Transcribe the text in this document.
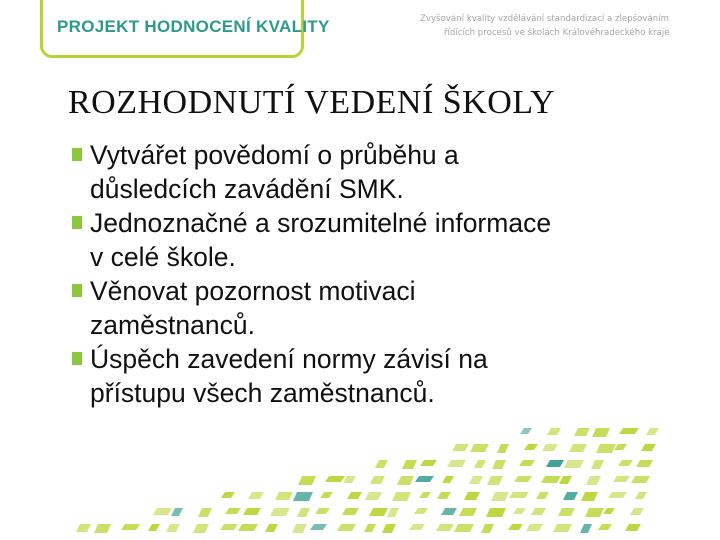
PROJEKT HODNOCENÍ KVALITY	Zvyšování kvality vzdělávání standardizací a zlepšováním
řídících procesů ve školách Královéhradeckého kraje
ROZHODNUTÍ VEDENÍ ŠKOLY
Vytvářet povědomí o průběhu a
důsledcích zavádění SMK.
Jednoznačné a srozumitelné informace
v celé škole.
Věnovat pozornost motivaci
zaměstnanců.
Úspěch zavedení normy závisí na
přístupu všech zaměstnanců.
